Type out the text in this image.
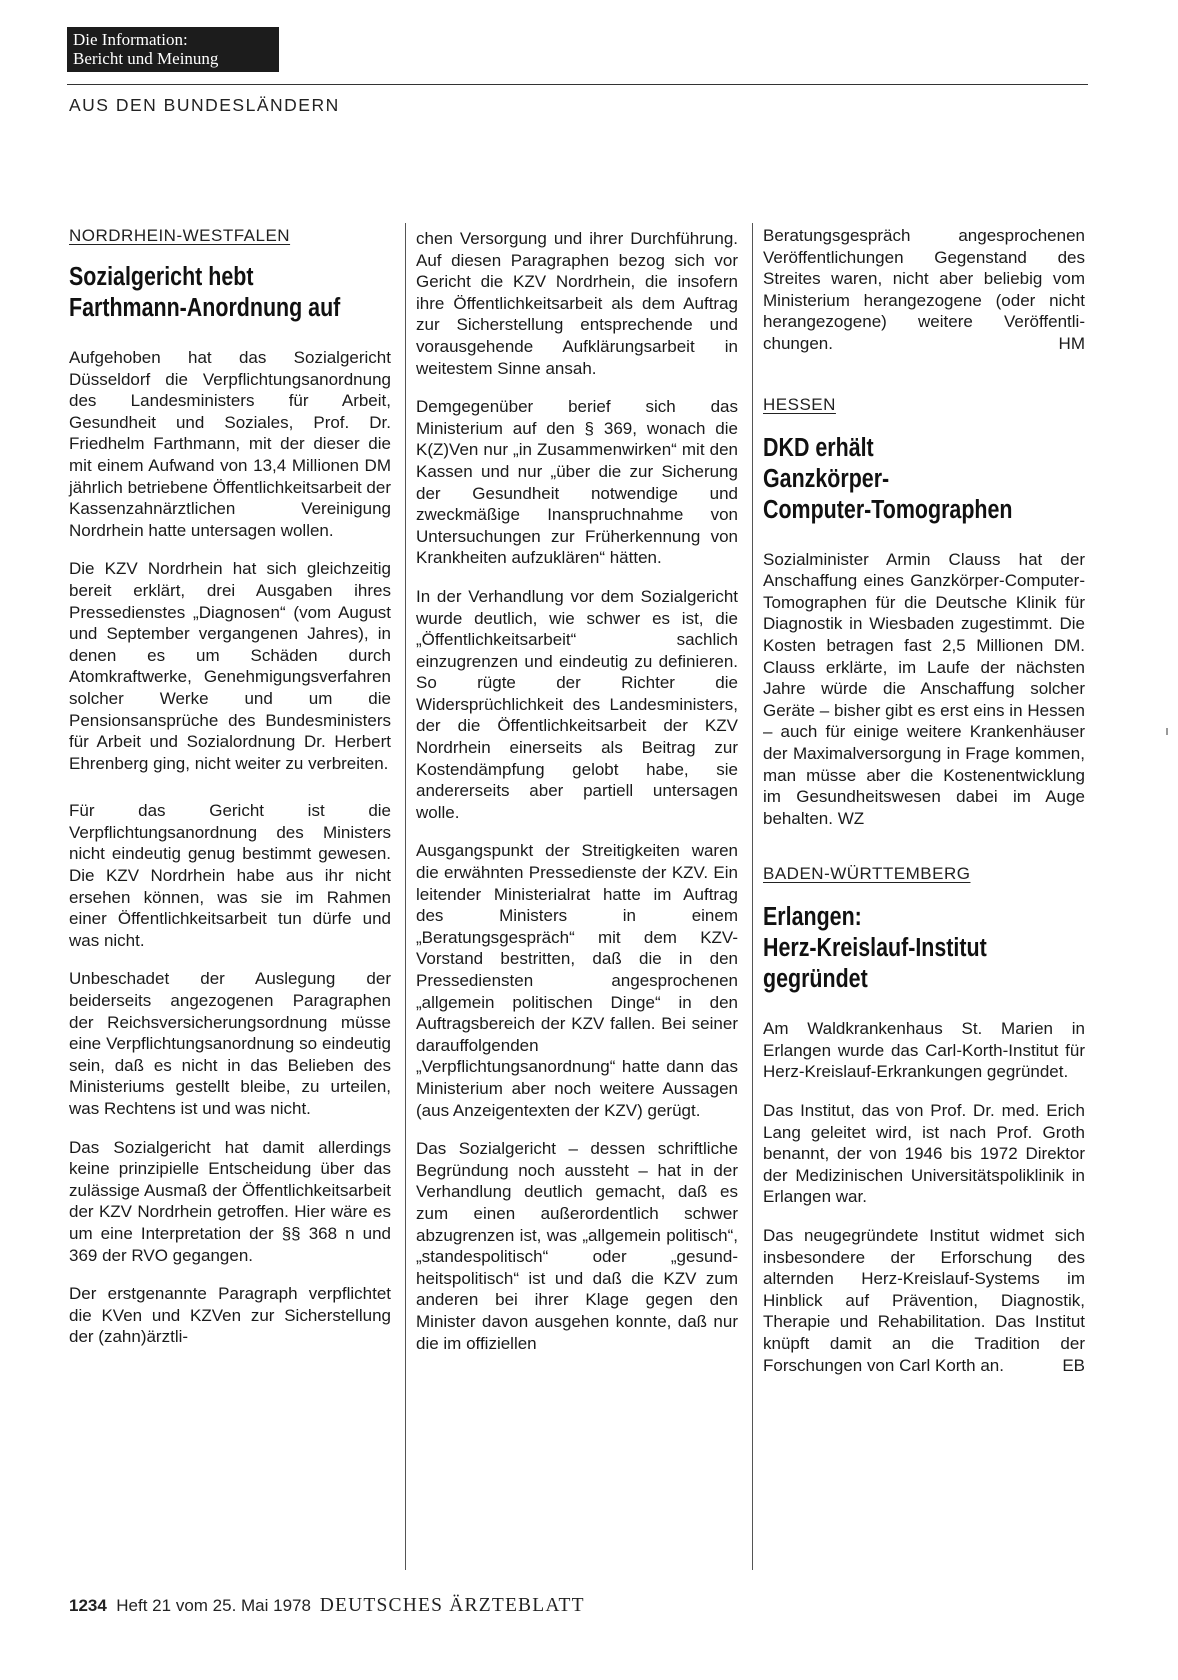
Die Information:
Bericht und Meinung
AUS DEN BUNDESLÄNDERN
NORDRHEIN-WESTFALEN
Sozialgericht hebt
Farthmann-Anordnung auf

Aufgehoben hat das Sozialgericht Düsseldorf die Verpflichtungsanordnung des Landesministers für Arbeit, Gesundheit und Soziales, Prof. Dr. Friedhelm Farthmann, mit der dieser die mit einem Aufwand von 13,4 Millionen DM jährlich betriebene Öffentlichkeitsarbeit der Kassenzahnärztlichen Vereinigung Nordrhein hatte untersagen wollen.

Die KZV Nordrhein hat sich gleichzeitig bereit erklärt, drei Ausgaben ihres Pressedienstes „Diagnosen“ (vom August und September vergangenen Jahres), in denen es um Schäden durch Atomkraftwerke, Genehmigungsverfahren solcher Werke und um die Pensionsansprüche des Bundesministers für Arbeit und Sozialordnung Dr. Herbert Ehrenberg ging, nicht weiter zu verbreiten.

Für das Gericht ist die Verpflichtungsanordnung des Ministers nicht eindeutig genug bestimmt gewesen. Die KZV Nordrhein habe aus ihr nicht ersehen können, was sie im Rahmen einer Öffentlichkeitsarbeit tun dürfe und was nicht.

Unbeschadet der Auslegung der beiderseits angezogenen Paragraphen der Reichsversicherungsordnung müsse eine Verpflichtungsanordnung so eindeutig sein, daß es nicht in das Belieben des Ministeriums gestellt bleibe, zu urteilen, was Rechtens ist und was nicht.

Das Sozialgericht hat damit allerdings keine prinzipielle Entscheidung über das zulässige Ausmaß der Öffentlichkeitsarbeit der KZV Nordrhein getroffen. Hier wäre es um eine Interpretation der §§ 368 n und 369 der RVO gegangen.

Der erstgenannte Paragraph verpflichtet die KVen und KZVen zur Sicherstellung der (zahn)ärztli-

chen Versorgung und ihrer Durchführung. Auf diesen Paragraphen bezog sich vor Gericht die KZV Nordrhein, die insofern ihre Öffentlichkeitsarbeit als dem Auftrag zur Sicherstellung entsprechende und vorausgehende Aufklärungsarbeit in weitestem Sinne ansah.

Demgegenüber berief sich das Ministerium auf den § 369, wonach die K(Z)Ven nur „in Zusammenwirken“ mit den Kassen und nur „über die zur Sicherung der Gesundheit notwendige und zweckmäßige Inanspruchnahme von Untersuchungen zur Früherkennung von Krankheiten aufzuklären“ hätten.

In der Verhandlung vor dem Sozialgericht wurde deutlich, wie schwer es ist, die „Öffentlichkeitsarbeit“ sachlich einzugrenzen und eindeutig zu definieren. So rügte der Richter die Widersprüchlichkeit des Landesministers, der die Öffentlichkeitsarbeit der KZV Nordrhein einerseits als Beitrag zur Kostendämpfung gelobt habe, sie andererseits aber partiell untersagen wolle.

Ausgangspunkt der Streitigkeiten waren die erwähnten Pressedienste der KZV. Ein leitender Ministerialrat hatte im Auftrag des Ministers in einem „Beratungsgespräch“ mit dem KZV-Vorstand bestritten, daß die in den Pressediensten angesprochenen „allgemein politischen Dinge“ in den Auftragsbereich der KZV fallen. Bei seiner darauffolgenden „Verpflichtungsanordnung“ hatte dann das Ministerium aber noch weitere Aussagen (aus Anzeigentexten der KZV) gerügt.

Das Sozialgericht – dessen schriftliche Begründung noch aussteht – hat in der Verhandlung deutlich gemacht, daß es zum einen außerordentlich schwer abzugrenzen ist, was „allgemein politisch“, „standespolitisch“ oder „gesundheitspolitisch“ ist und daß die KZV zum anderen bei ihrer Klage gegen den Minister davon ausgehen konnte, daß nur die im offiziellen

Beratungsgespräch angesprochenen Veröffentlichungen Gegenstand des Streites waren, nicht aber beliebig vom Ministerium herangezogene (oder nicht herangezogene) weitere Veröffentlichungen.	HM

HESSEN
DKD erhält
Ganzkörper-
Computer-Tomographen

Sozialminister Armin Clauss hat der Anschaffung eines Ganzkörper-Computer-Tomographen für die Deutsche Klinik für Diagnostik in Wiesbaden zugestimmt. Die Kosten betragen fast 2,5 Millionen DM. Clauss erklärte, im Laufe der nächsten Jahre würde die Anschaffung solcher Geräte – bisher gibt es erst eins in Hessen – auch für einige weitere Krankenhäuser der Maximalversorgung in Frage kommen, man müsse aber die Kostenentwicklung im Gesundheitswesen dabei im Auge behalten. WZ

BADEN-WÜRTTEMBERG
Erlangen:
Herz-Kreislauf-Institut
gegründet

Am Waldkrankenhaus St. Marien in Erlangen wurde das Carl-Korth-Institut für Herz-Kreislauf-Erkrankungen gegründet.

Das Institut, das von Prof. Dr. med. Erich Lang geleitet wird, ist nach Prof. Groth benannt, der von 1946 bis 1972 Direktor der Medizinischen Universitätspoliklinik in Erlangen war.

Das neugegründete Institut widmet sich insbesondere der Erforschung des alternden Herz-Kreislauf-Systems im Hinblick auf Prävention, Diagnostik, Therapie und Rehabilitation. Das Institut knüpft damit an die Tradition der Forschungen von Carl Korth an.	EB

1234 Heft 21 vom 25. Mai 1978 DEUTSCHES ÄRZTEBLATT
